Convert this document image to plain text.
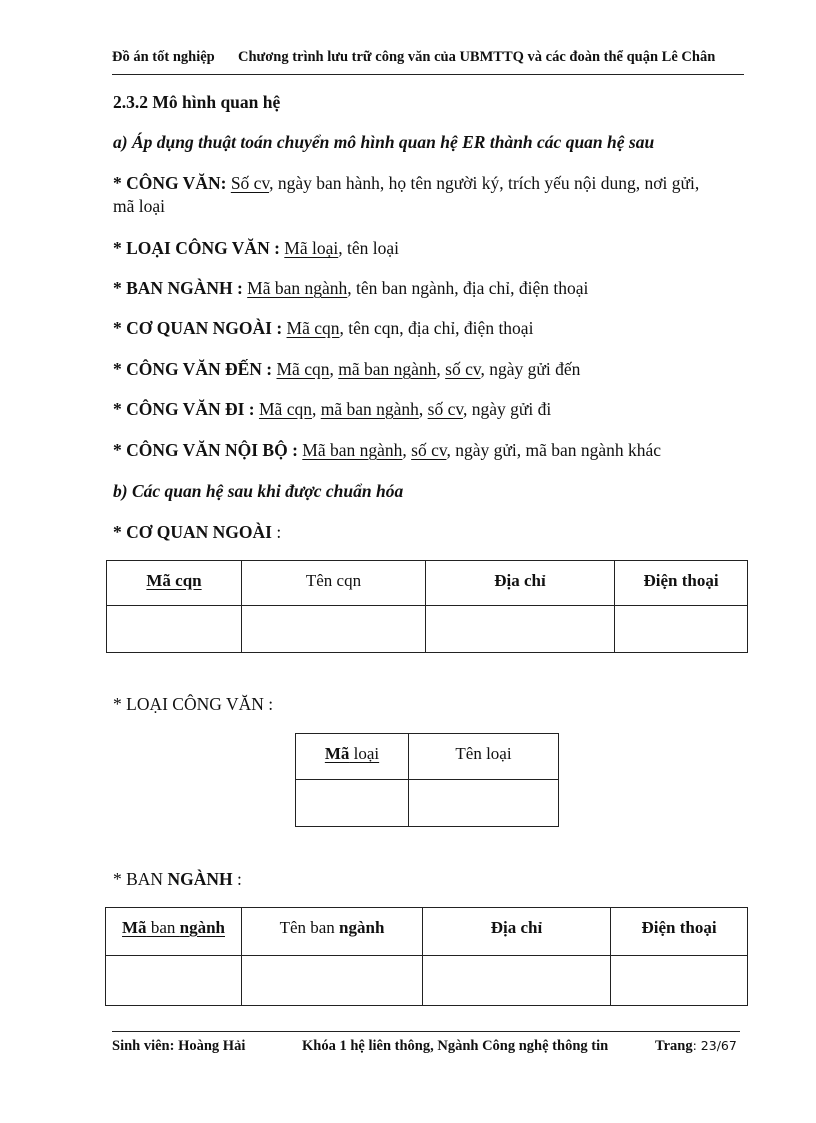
Đồ án tốt nghiệp Chương trình lưu trữ công văn của UBMTTQ và các đoàn thể quận Lê Chân
2.3.2 Mô hình quan hệ
a) Áp dụng thuật toán chuyển mô hình quan hệ ER thành các quan hệ sau
* CÔNG VĂN: Số cv, ngày ban hành, họ tên người ký, trích yếu nội dung, nơi gửi,
mã loại
* LOẠI CÔNG VĂN : Mã loại, tên loại
* BAN NGÀNH : Mã ban ngành, tên ban ngành, địa chỉ, điện thoại
* CƠ QUAN NGOÀI : Mã cqn, tên cqn, địa chỉ, điện thoại
* CÔNG VĂN ĐẾN : Mã cqn, mã ban ngành, số cv, ngày gửi đến
* CÔNG VĂN ĐI : Mã cqn, mã ban ngành, số cv, ngày gửi đi
* CÔNG VĂN NỘI BỘ : Mã ban ngành, số cv, ngày gửi, mã ban ngành khác
b) Các quan hệ sau khi được chuẩn hóa
* CƠ QUAN NGOÀI :
Mã cqn	Tên cqn	Địa chỉ	Điện thoại

* LOẠI CÔNG VĂN :
Mã loại	Tên loại

* BAN NGÀNH :
Mã ban ngành	Tên ban ngành	Địa chỉ	Điện thoại

Sinh viên: Hoàng Hải	Khóa 1 hệ liên thông, Ngành Công nghệ thông tin	Trang: 23/67
